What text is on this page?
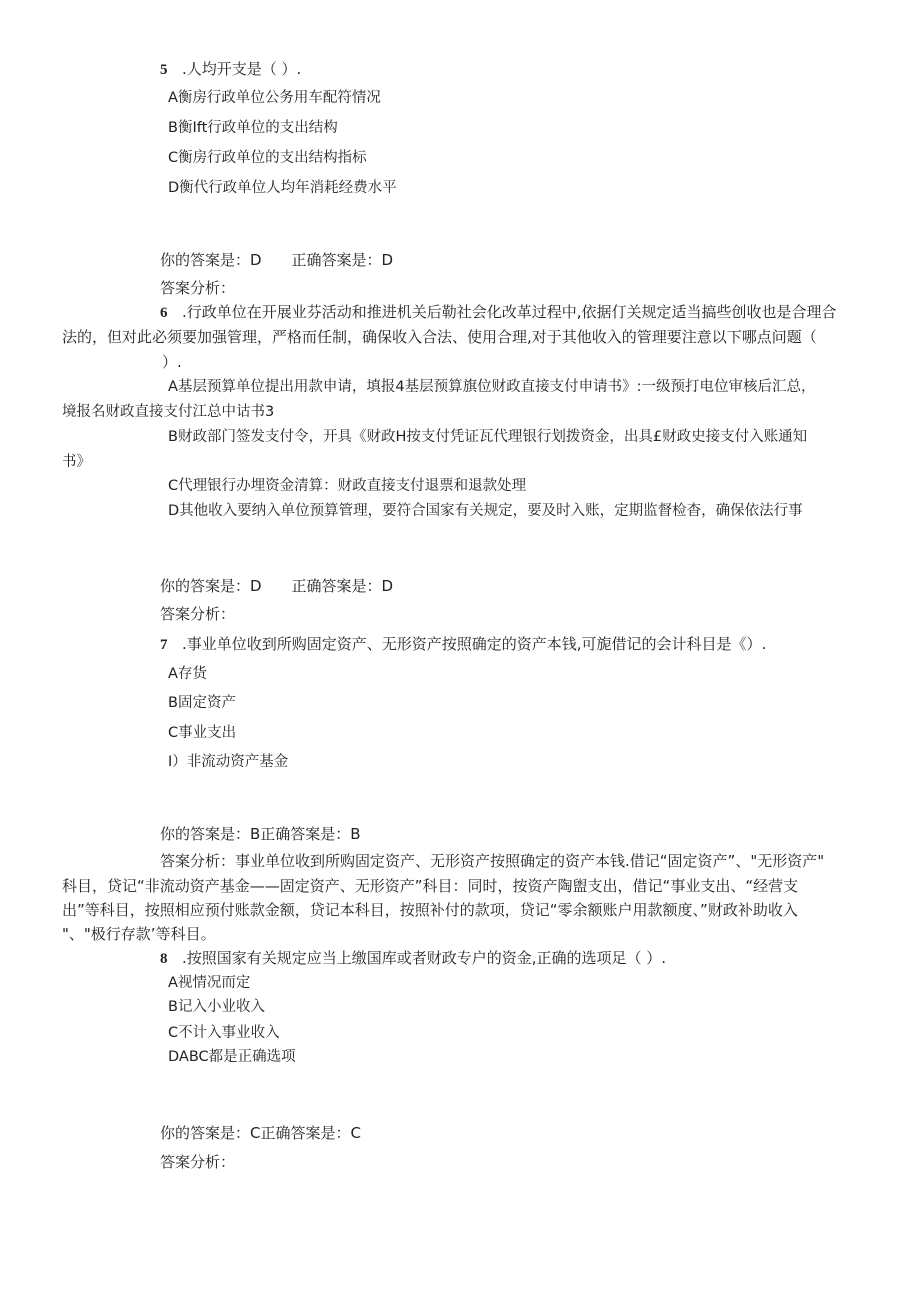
5 .人均开支是（ ）.
A衡房行政单位公务用车配符情况
B衡Ift行政单位的支出结构
C衡房行政单位的支出结构指标
D衡代行政单位人均年消耗经费水平
你的答案是：D　　正确答案是：D
答案分析：
6 .行政单位在开展业芬活动和推进机关后勒社会化改革过程中,依据仃关规定适当搞些创收也是合理合
法的，但对此必须要加强管理，严格而任制，确保收入合法、使用合理,对于其他收入的管理要注意以下哪点问题（
）.
A基层预算单位提出用款申请，填报4基层预算旗位财政直接支付申请书》:一级预打电位审核后汇总，
境报名财政直接支付江总中诂书3
B财政部门签发支付令，开具《财政H按支付凭证瓦代理银行划拨资金，出具£财政史接支付入账通知
书》
C代理银行办埋资金清算：财政直接支付退票和退款处理
D其他收入要纳入单位预算管理，要符合国家有关规定，要及时入账，定期监督检杳，确保依法行事
你的答案是：D　　正确答案是：D
答案分析：
7 .事业单位收到所购固定资产、无形资产按照确定的资产本钱,可旎借记的会计科目是《）.
A存货
B固定资产
C事业支出
I）非流动资产基金
你的答案是：B正确答案是：B
答案分析：事业单位收到所购固定资产、无形资产按照确定的资产本钱.借记“固定资产”、"无形资产"
科目，贷记“非流动资产基金——固定资产、无形资产”科目：同时，按资产陶盥支出，借记“事业支出、“经营支
出”等科目，按照相应预付账款金额，贷记本科目，按照补付的款项，贷记“零余额账户用款额度、”财政补助收入
"、"极行存款’等科目。
8 .按照国家有关规定应当上缴国库或者财政专户的资金,正确的选项足（ ）.
A视情况而定
B记入小业收入
C不计入事业收入
DABC都是正确选项
你的答案是：C正确答案是：C
答案分析：
